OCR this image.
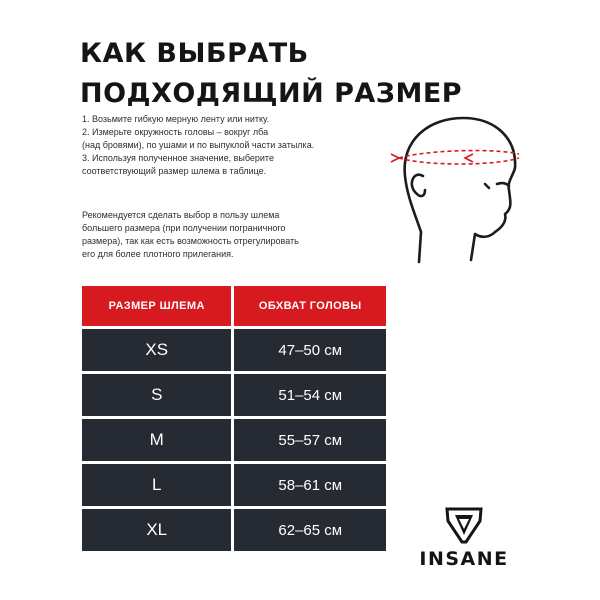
КАК ВЫБРАТЬ
ПОДХОДЯЩИЙ РАЗМЕР

1. Возьмите гибкую мерную ленту или нитку.

2. Измерьте окружность головы – вокруг лба

(над бровями), по ушами и по выпуклой части затылка.

3. Используя полученное значение, выберите

соответствующий размер шлема в таблице.

Рекомендуется сделать выбор в пользу шлема

большего размера (при получении пограничного

размера), так как есть возможность отрегулировать

его для более плотного прилегания.

РАЗМЕР ШЛЕМА	ОБХВАТ ГОЛОВЫ
XS	47–50 см
S	51–54 см
M	55–57 см
L	58–61 см
XL	62–65 см
INSANE
